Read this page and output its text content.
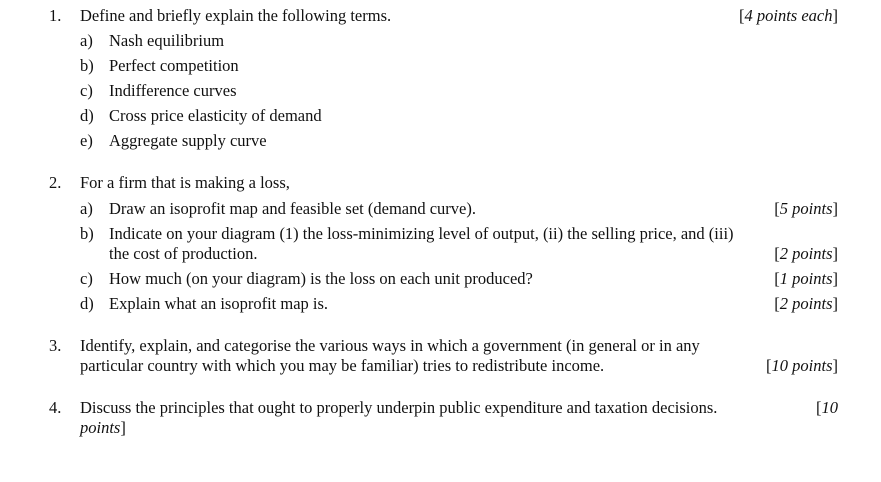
1. Define and briefly explain the following terms.	[4 points each]
a) Nash equilibrium
b) Perfect competition
c) Indifference curves
d) Cross price elasticity of demand
e) Aggregate supply curve
2. For a firm that is making a loss,
a) Draw an isoprofit map and feasible set (demand curve).	[5 points]
b) Indicate on your diagram (1) the loss-minimizing level of output, (ii) the selling price, and (iii)
the cost of production.	[2 points]
c) How much (on your diagram) is the loss on each unit produced?	[1 points]
d) Explain what an isoprofit map is.	[2 points]
3. Identify, explain, and categorise the various ways in which a government (in general or in any
particular country with which you may be familiar) tries to redistribute income.	[10 points]
4. Discuss the principles that ought to properly underpin public expenditure and taxation decisions.	[10
points]
